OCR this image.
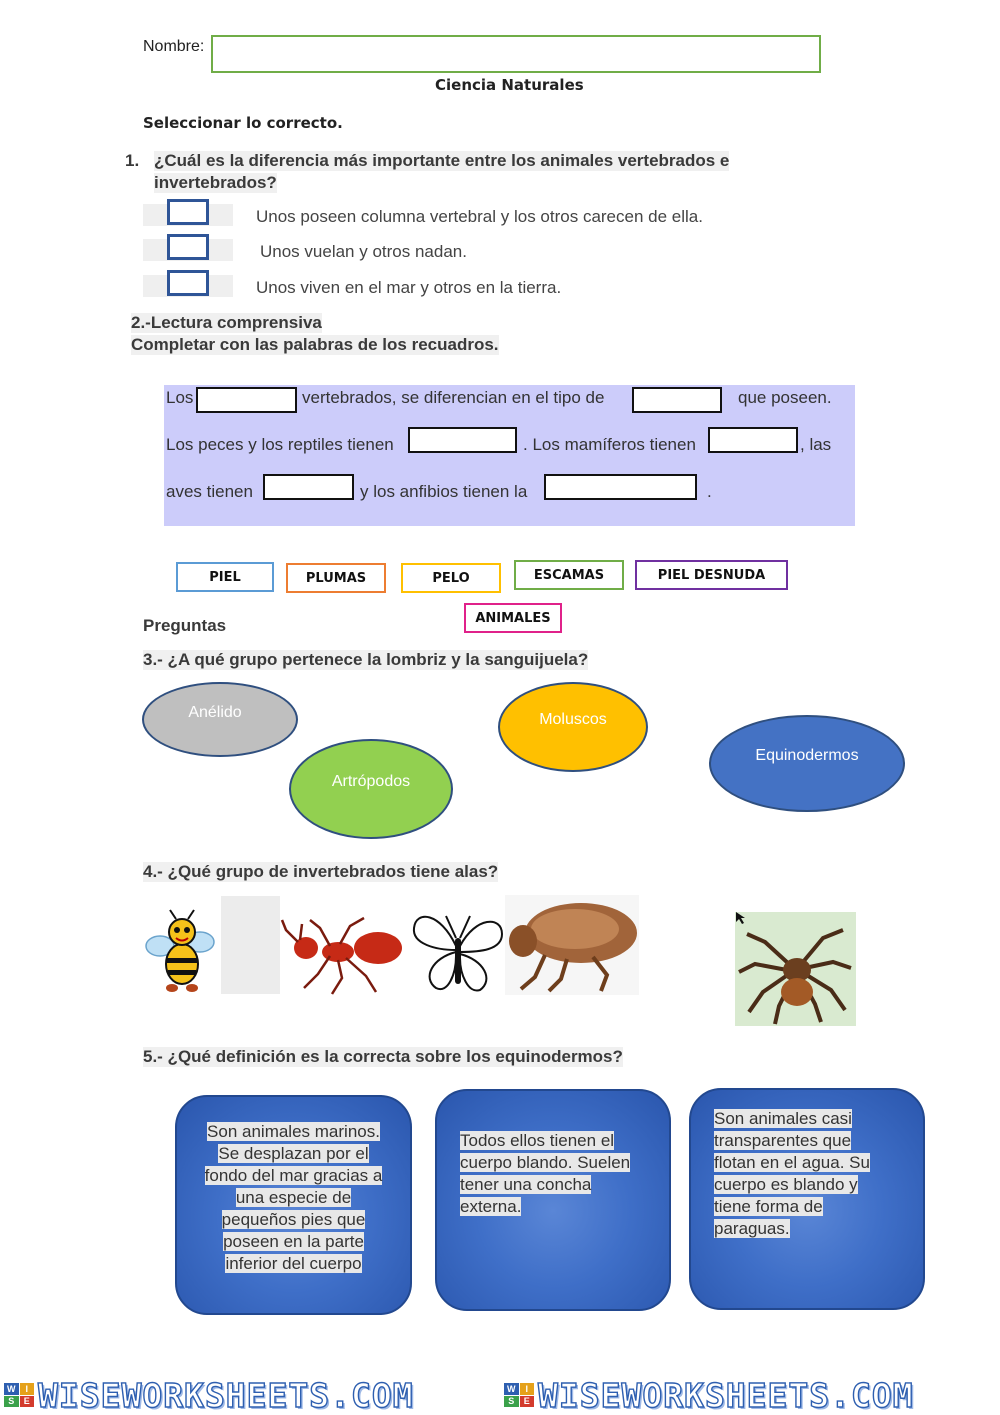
Nombre:
Ciencia Naturales
Seleccionar lo correcto.
1. ¿Cuál es la diferencia más importante entre los animales vertebrados e
invertebrados?
Unos poseen columna vertebral y los otros carecen de ella.
Unos vuelan y otros nadan.
Unos viven en el mar y otros en la tierra.
2.-Lectura comprensiva
Completar con las palabras de los recuadros.
Los	vertebrados, se diferencian en el tipo de	que poseen.
Los peces y los reptiles tienen	. Los mamíferos tienen	, las
aves tienen	y los anfibios tienen la	.
PIEL	PLUMAS	PELO	ESCAMAS	PIEL DESNUDA
ANIMALES
Preguntas
3.- ¿A qué grupo pertenece la lombriz y la sanguijuela?
Anélido	Moluscos
Equinodermos
Artrópodos
4.- ¿Qué grupo de invertebrados tiene alas?
5.- ¿Qué definición es la correcta sobre los equinodermos?
Son animales marinos.
Se desplazan por el
fondo del mar gracias a
una especie de
pequeños pies que
poseen en la parte
inferior del cuerpo
Todos ellos tienen el
cuerpo blando. Suelen
tener una concha
externa.
Son animales casi
transparentes que
flotan en el agua. Su
cuerpo es blando y
tiene forma de
paraguas.
W	I
S	E WISEWORKSHEETS.COM	W	I
S	E WISEWORKSHEETS.COM
